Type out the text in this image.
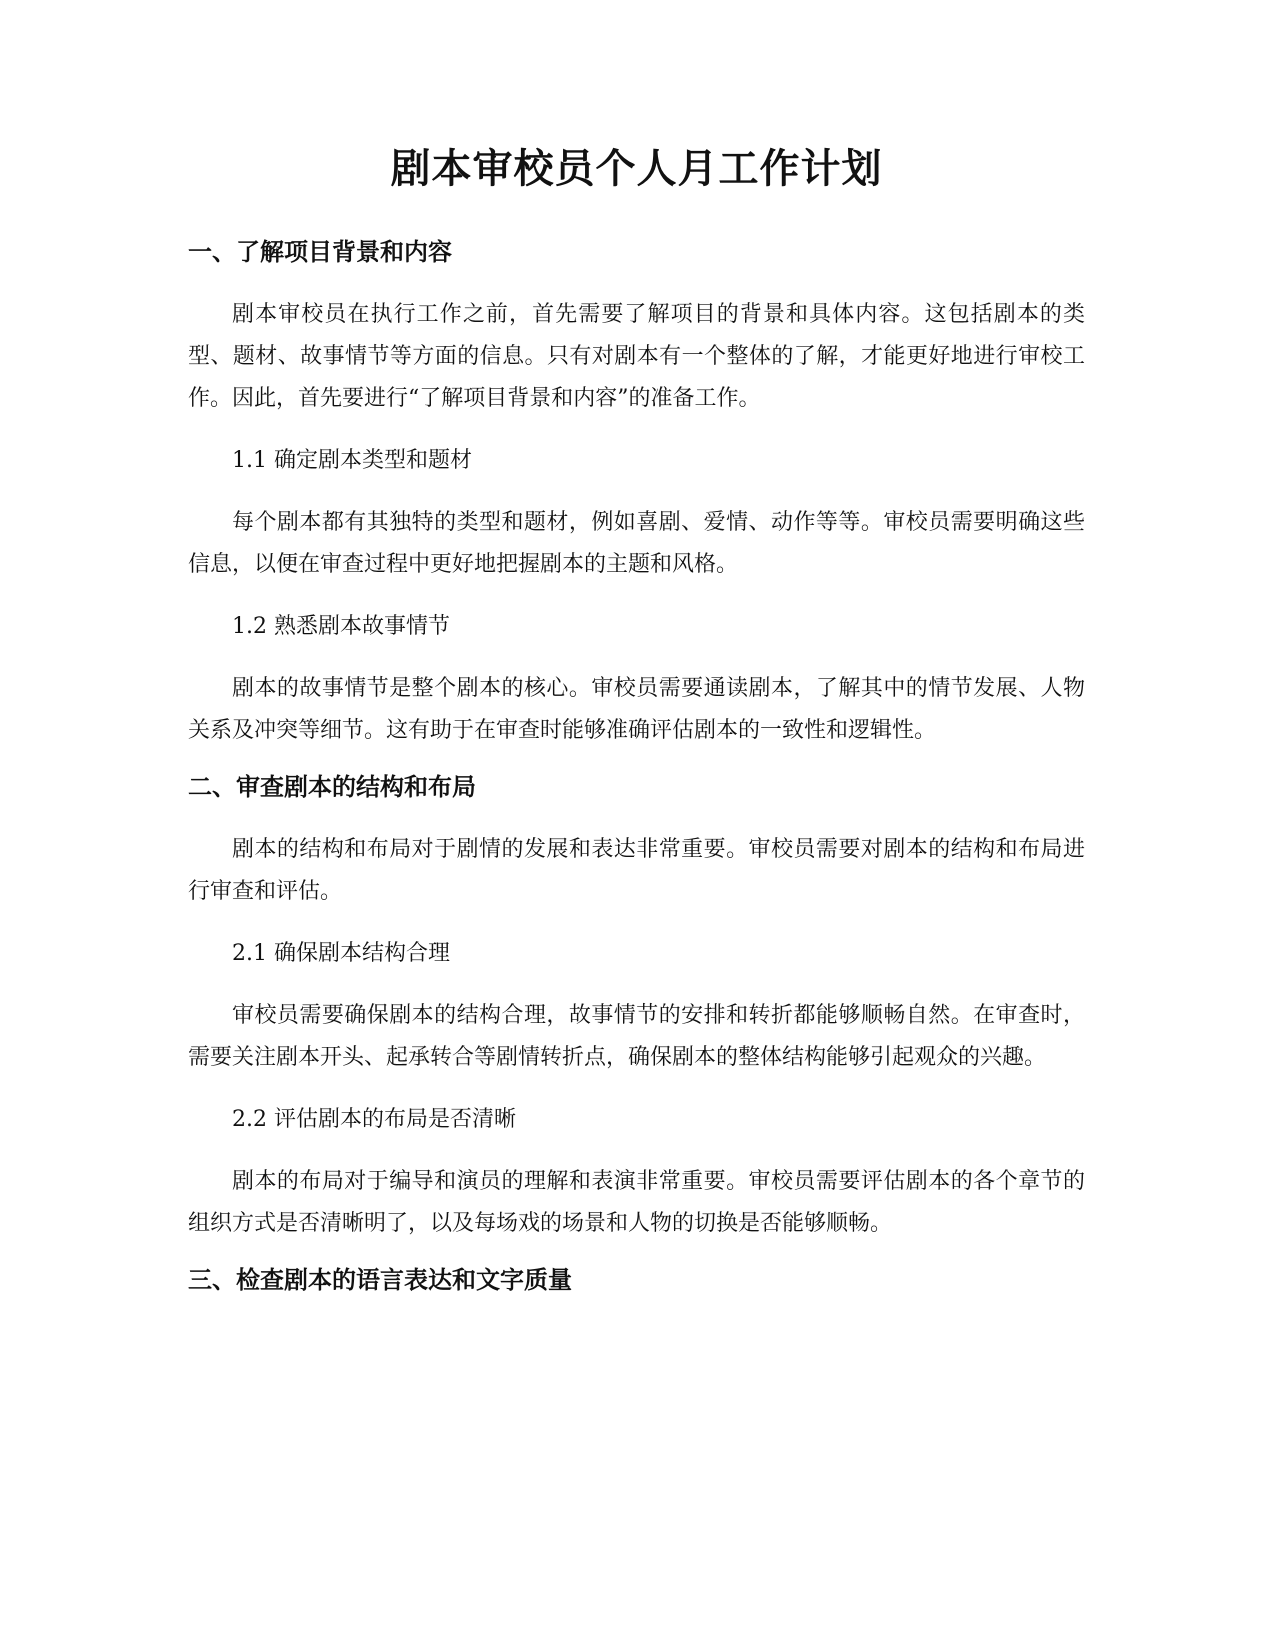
剧本审校员个人月工作计划
一、了解项目背景和内容

剧本审校员在执行工作之前，首先需要了解项目的背景和具体内容。这包括剧本的类型、题材、故事情节等方面的信息。只有对剧本有一个整体的了解，才能更好地进行审校工作。因此，首先要进行“了解项目背景和内容”的准备工作。

1.1 确定剧本类型和题材

每个剧本都有其独特的类型和题材，例如喜剧、爱情、动作等等。审校员需要明确这些信息，以便在审查过程中更好地把握剧本的主题和风格。

1.2 熟悉剧本故事情节

剧本的故事情节是整个剧本的核心。审校员需要通读剧本，了解其中的情节发展、人物关系及冲突等细节。这有助于在审查时能够准确评估剧本的一致性和逻辑性。

二、审查剧本的结构和布局

剧本的结构和布局对于剧情的发展和表达非常重要。审校员需要对剧本的结构和布局进行审查和评估。

2.1 确保剧本结构合理

审校员需要确保剧本的结构合理，故事情节的安排和转折都能够顺畅自然。在审查时，需要关注剧本开头、起承转合等剧情转折点，确保剧本的整体结构能够引起观众的兴趣。

2.2 评估剧本的布局是否清晰

剧本的布局对于编导和演员的理解和表演非常重要。审校员需要评估剧本的各个章节的组织方式是否清晰明了，以及每场戏的场景和人物的切换是否能够顺畅。

三、检查剧本的语言表达和文字质量
